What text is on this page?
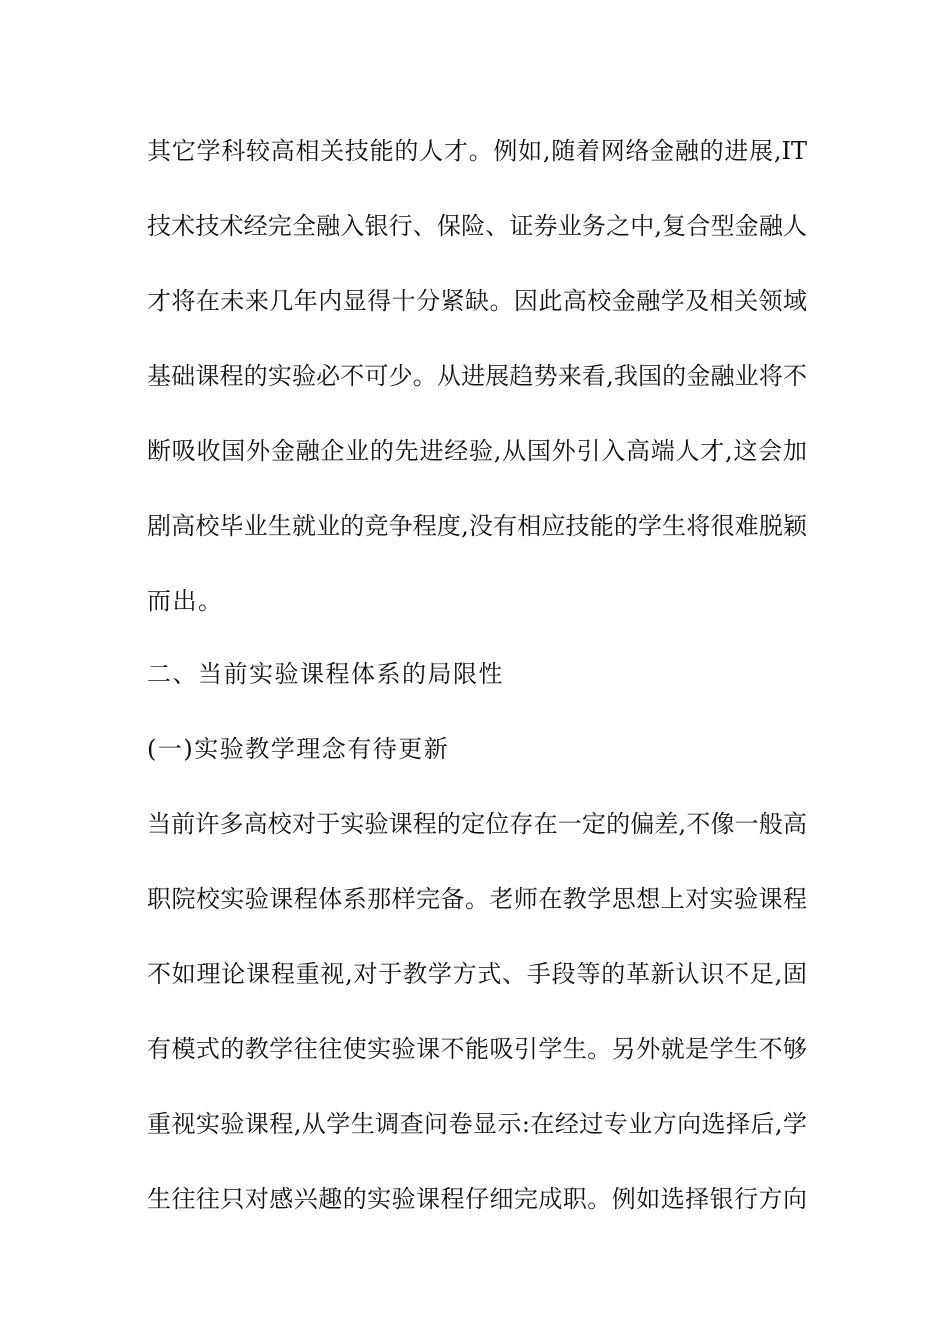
其它学科较高相关技能的人才。例如,随着网络金融的进展,IT
技术技术经完全融入银行、保险、证券业务之中,复合型金融人
才将在未来几年内显得十分紧缺。因此高校金融学及相关领域
基础课程的实验必不可少。从进展趋势来看,我国的金融业将不
断吸收国外金融企业的先进经验,从国外引入高端人才,这会加
剧高校毕业生就业的竞争程度,没有相应技能的学生将很难脱颖
而出。
二、当前实验课程体系的局限性
(一)实验教学理念有待更新
当前许多高校对于实验课程的定位存在一定的偏差,不像一般高
职院校实验课程体系那样完备。老师在教学思想上对实验课程
不如理论课程重视,对于教学方式、手段等的革新认识不足,固
有模式的教学往往使实验课不能吸引学生。另外就是学生不够
重视实验课程,从学生调查问卷显示:在经过专业方向选择后,学
生往往只对感兴趣的实验课程仔细完成职。例如选择银行方向
